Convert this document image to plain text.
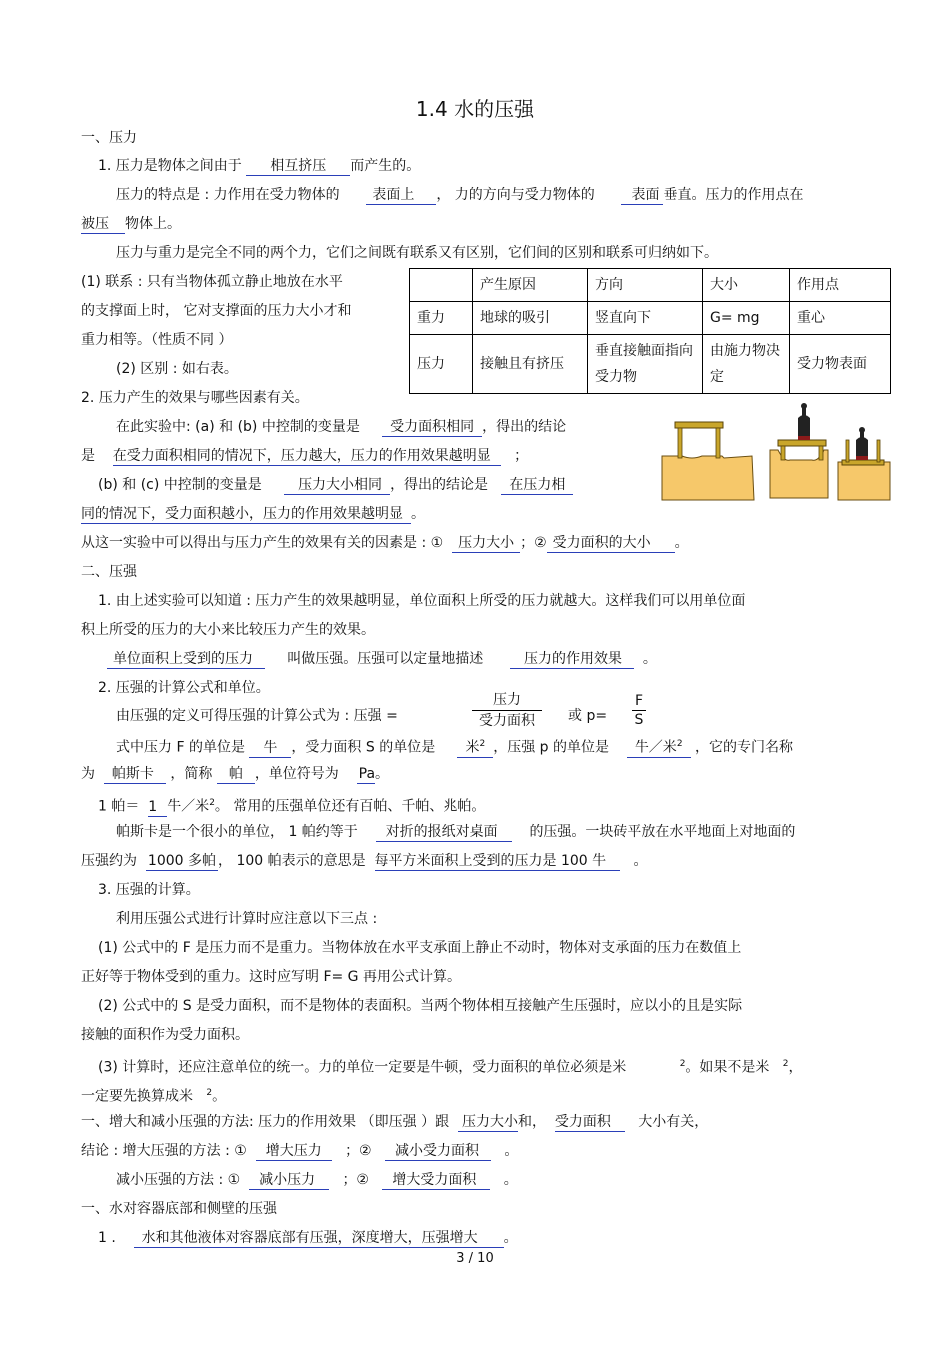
1.4 水的压强
一、压力
1. 压力是物体之间由于 相互挤压 而产生的。
压力的特点是 : 力作用在受力物体的 表面上 ， 力的方向与受力物体的	表面 垂直。压力的作用点在
被压 物体上。
压力与重力是完全不同的两个力，它们之间既有联系又有区别，它们间的区别和联系可归纳如下。
(1) 联系 : 只有当物体孤立静止地放在水平
的支撑面上时， 它对支撑面的压力大小才和
重力相等。（性质不同 ）
(2) 区别 : 如右表。
	产生原因	方向	大小	作用点
重力	地球的吸引	竖直向下	G= mg	重心
压力	接触且有挤压	垂直接触面指向受力物	由施力物决定	受力物表面
2. 压力产生的效果与哪些因素有关。
在此实验中: (a) 和 (b) 中控制的变量是 受力面积相同 ，得出的结论
是 在受力面积相同的情况下，压力越大，压力的作用效果越明显 ；
(b) 和 (c) 中控制的变量是	压力大小相同 ，得出的结论是 在压力相
同的情况下，受力面积越小，压力的作用效果越明显 。
从这一实验中可以得出与压力产生的效果有关的因素是 : ① 压力大小 ；② 受力面积的大小 。
二、压强
1. 由上述实验可以知道 : 压力产生的效果越明显，单位面积上所受的压力就越大。这样我们可以用单位面
积上所受的压力的大小来比较压力产生的效果。
单位面积上受到的压力 叫做压强。压强可以定量地描述	压力的作用效果 。
2. 压强的计算公式和单位。
由压强的定义可得压强的计算公式为 : 压强 =
压力
受力面积	或 p=
F
S
式中压力 F 的单位是 牛 ，受力面积 S 的单位是 米$^2$ ，压强 p 的单位是 牛／米$^2$ ，它的专门名称
为 帕斯卡 ，简称 帕 ，单位符号为 Pa。
1 帕＝ 1 牛／米$^2$。 常用的压强单位还有百帕、千帕、兆帕。
帕斯卡是一个很小的单位， 1 帕约等于 对折的报纸对桌面 的压强。一块砖平放在水平地面上对地面的
压强约为 1000 多帕 ， 100 帕表示的意思是 每平方米面积上受到的压力是 100 牛 。
3. 压强的计算。
利用压强公式进行计算时应注意以下三点 :
(1) 公式中的 F 是压力而不是重力。当物体放在水平支承面上静止不动时，物体对支承面的压力在数值上
正好等于物体受到的重力。这时应写明 F= G 再用公式计算。
(2) 公式中的 S 是受力面积，而不是物体的表面积。当两个物体相互接触产生压强时，应以小的且是实际
接触的面积作为受力面积。
(3) 计算时，还应注意单位的统一。力的单位一定要是牛顿，受力面积的单位必须是米	$^2$。如果不是米 $^2$，
一定要先换算成米 $^2$。
一、增大和减小压强的方法: 压力的作用效果 （即压强 ）跟 压力大小和， 受力面积 大小有关，
结论 : 增大压强的方法 : ① 增大压力 ；② 减小受力面积 。
减小压强的方法 : ① 减小压力 ；② 增大受力面积 。
一、水对容器底部和侧壁的压强
1 . 水和其他液体对容器底部有压强，深度增大，压强增大 。
3 / 10
